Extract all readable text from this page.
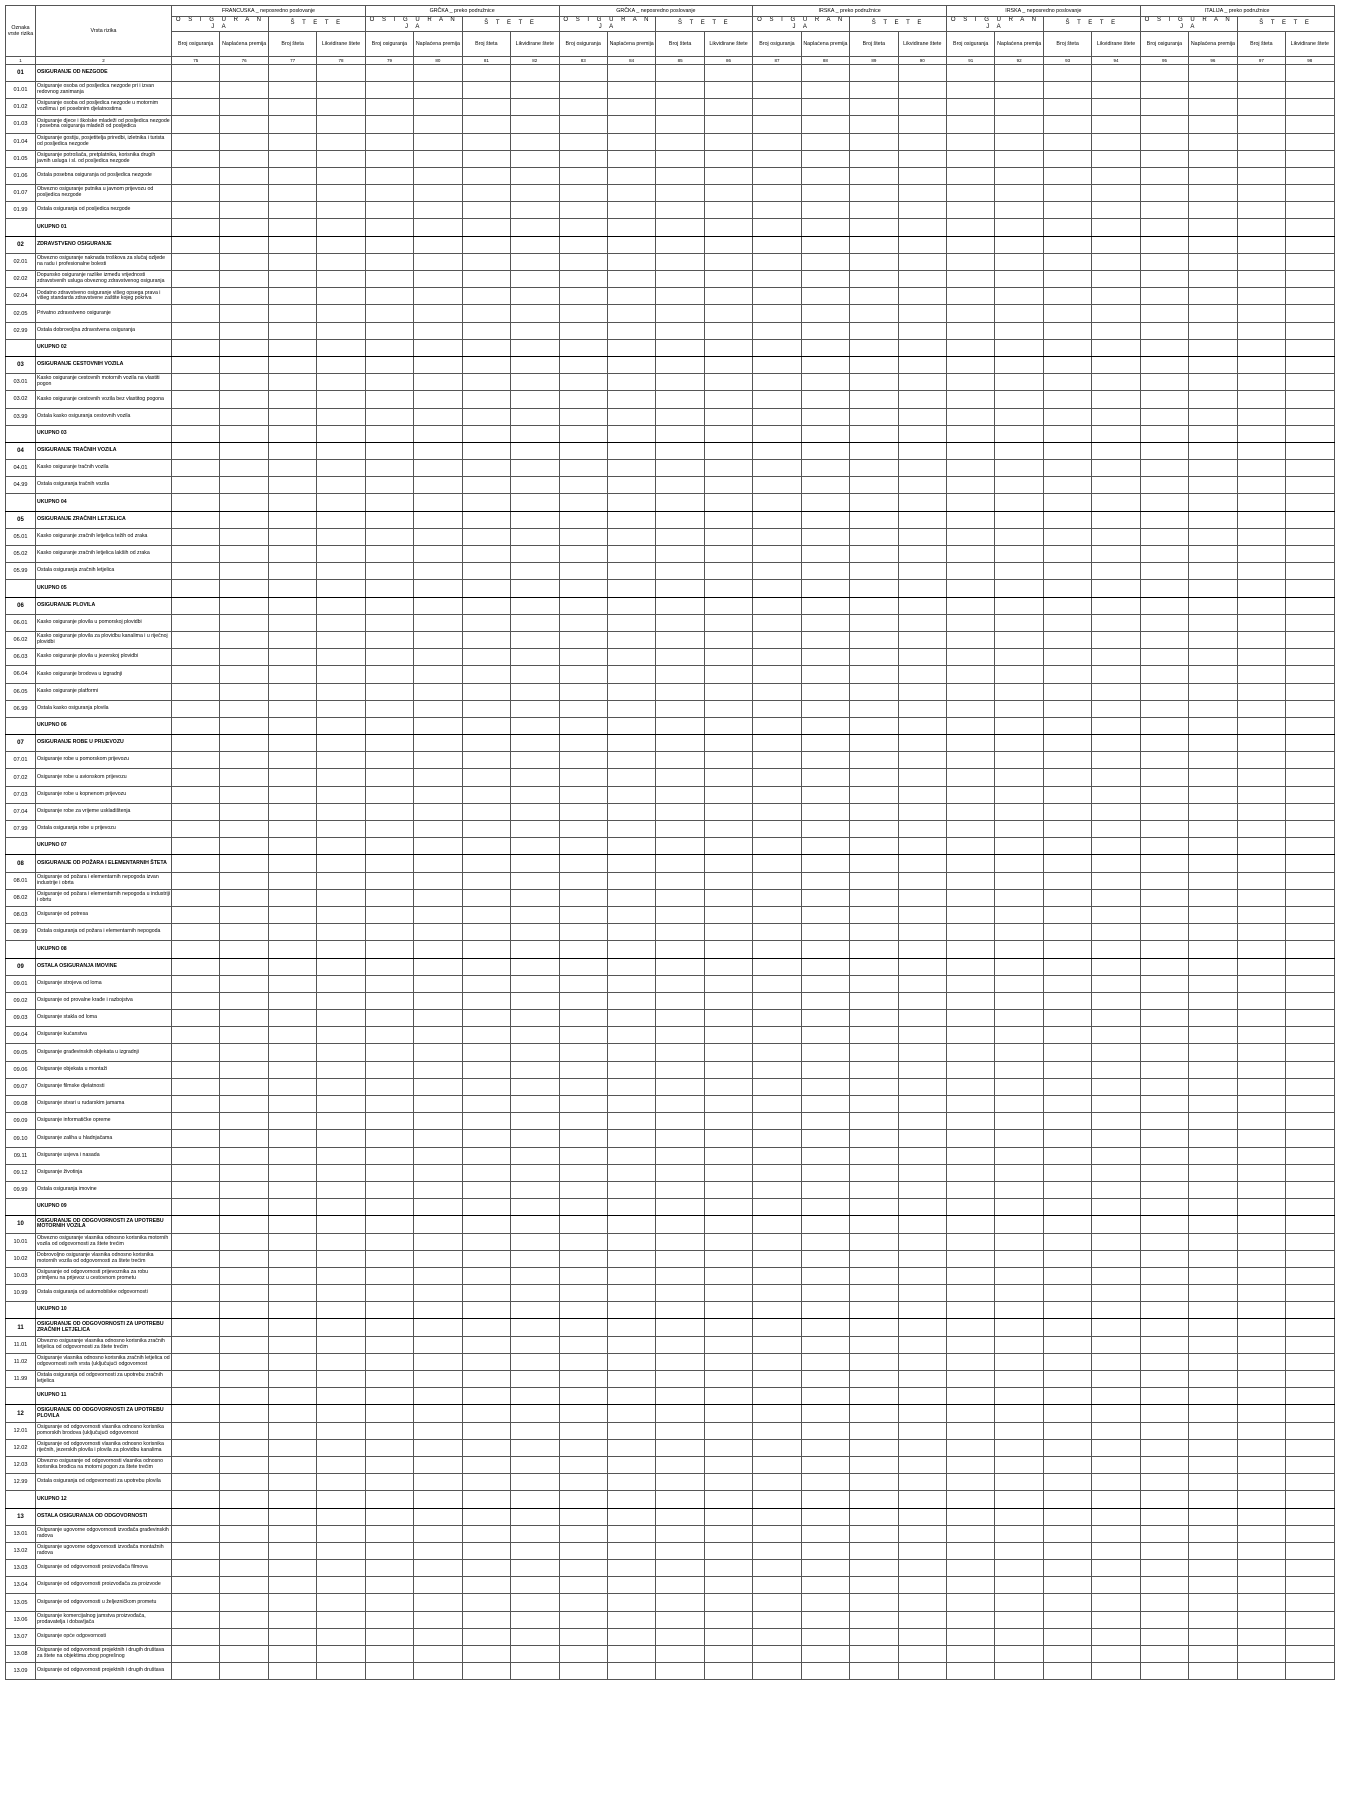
Oznaka vrste rizika	Vrsta rizika	FRANCUSKA _ neposredno poslovanje				GRČKA _ preko podružnice				GRČKA _ neposredno poslovanje				IRSKA _ preko podružnice				IRSKA _ neposredno poslovanje				ITALIJA _ preko podružnice			
		O S I G U R A N J A		Š T E T E		O S I G U R A N J A		Š T E T E		O S I G U R A N J A		Š T E T E		O S I G U R A N J A		Š T E T E		O S I G U R A N J A		Š T E T E		O S I G U R A N J A		Š T E T E	
		Broj osiguranja	Naplaćena premija	Broj šteta	Likvidirane štete	Broj osiguranja	Naplaćena premija	Broj šteta	Likvidirane štete	Broj osiguranja	Naplaćena premija	Broj šteta	Likvidirane štete	Broj osiguranja	Naplaćena premija	Broj šteta	Likvidirane štete	Broj osiguranja	Naplaćena premija	Broj šteta	Likvidirane štete	Broj osiguranja	Naplaćena premija	Broj šteta	Likvidirane štete
1	2	75	76	77	78	79	80	81	82	83	84	85	86	87	88	89	90	91	92	93	94	95	96	97	98
01	OSIGURANJE OD NEZGODE																								
01.01	Osiguranje osoba od posljedica nezgode pri i izvan redovnog zanimanja																								
01.02	Osiguranje osoba od posljedica nezgode u motornim vozilima i pri posebnim djelatnostima																								
01.03	Osiguranje djece i školske mladeži od posljedica nezgode i posebna osiguranja mladeži od posljedica																								
01.04	Osiguranje gostiju, posjetitelja priredbi, izletnika i turista od posljedica nezgode																								
01.05	Osiguranje potrošača, pretplatnika, korisnika drugih javnih usluga i sl. od posljedica nezgode																								
01.06	Ostala posebna osiguranja od posljedica nezgode																								
01.07	Obvezno osiguranje putnika u javnom prijevozu od posljedica nezgode																								
01.99	Ostala osiguranja od posljedica nezgode																								
	UKUPNO 01																								
02	ZDRAVSTVENO OSIGURANJE																								
02.01	Obvezno osiguranje naknada troškova za slučaj ozljede na radu i profesionalne bolesti																								
02.02	Dopunsko osiguranje razlike između vrijednosti zdravstvenih usluga obveznog zdravstvenog osiguranja																								
02.04	Dodatno zdravstveno osiguranje višeg opsega prava i višeg standarda zdravstvene zaštite kojeg pokriva																								
02.05	Privatno zdravstveno osiguranje																								
02.99	Ostala dobrovoljna zdravstvena osiguranja																								
	UKUPNO 02																								
03	OSIGURANJE CESTOVNIH VOZILA																								
03.01	Kasko osiguranje cestovnih motornih vozila na vlastiti pogon																								
03.02	Kasko osiguranje cestovnih vozila bez vlastitog pogona																								
03.99	Ostala kasko osiguranja cestovnih vozila																								
	UKUPNO 03																								
04	OSIGURANJE TRAČNIH VOZILA																								
04.01	Kasko osiguranje tračnih vozila																								
04.99	Ostala osiguranja tračnih vozila																								
	UKUPNO 04																								
05	OSIGURANJE ZRAČNIH LETJELICA																								
05.01	Kasko osiguranje zračnih letjelica težih od zraka																								
05.02	Kasko osiguranje zračnih letjelica lakših od zraka																								
05.99	Ostala osiguranja zračnih letjelica																								
	UKUPNO 05																								
06	OSIGURANJE PLOVILA																								
06.01	Kasko osiguranje plovila u pomorskoj plovidbi																								
06.02	Kasko osiguranje plovila za plovidbu kanalima i u riječnoj plovidbi																								
06.03	Kasko osiguranje plovila u jezerskoj plovidbi																								
06.04	Kasko osiguranje brodova u izgradnji																								
06.05	Kasko osiguranje platformi																								
06.99	Ostala kasko osiguranja plovila																								
	UKUPNO 06																								
07	OSIGURANJE ROBE U PRIJEVOZU																								
07.01	Osiguranje robe u pomorskom prijevozu																								
07.02	Osiguranje robe u avionskom prijevozu																								
07.03	Osiguranje robe u kopnenom prijevozu																								
07.04	Osiguranje robe za vrijeme uskladištenja																								
07.99	Ostala osiguranja robe u prijevozu																								
	UKUPNO 07																								
08	OSIGURANJE OD POŽARA I ELEMENTARNIH ŠTETA																								
08.01	Osiguranje od požara i elementarnih nepogoda izvan industrije i obrta																								
08.02	Osiguranje od požara i elementarnih nepogoda u industriji i obrtu																								
08.03	Osiguranje od potresa																								
08.99	Ostala osiguranja od požara i elementarnih nepogoda																								
	UKUPNO 08																								
09	OSTALA OSIGURANJA IMOVINE																								
09.01	Osiguranje strojeva od loma																								
09.02	Osiguranje od provalne krađe i razbojstva																								
09.03	Osiguranje stakla od loma																								
09.04	Osiguranje kućanstva																								
09.05	Osiguranje građevinskih objekata u izgradnji																								
09.06	Osiguranje objekata u montaži																								
09.07	Osiguranje filmske djelatnosti																								
09.08	Osiguranje stvari u rudarskim jamama																								
09.09	Osiguranje informatičke opreme																								
09.10	Osiguranje zaliha u hladnjačama																								
09.11	Osiguranje usjeva i nasada																								
09.12	Osiguranje životinja																								
09.99	Ostala osiguranja imovine																								
	UKUPNO 09																								
10	OSIGURANJE OD ODGOVORNOSTI ZA UPOTREBU MOTORNIH VOZILA																								
10.01	Obvezno osiguranje vlasnika odnosno korisnika motornih vozila od odgovornosti za štete trećim																								
10.02	Dobrovoljno osiguranje vlasnika odnosno korisnika motornih vozila od odgovornosti za štete trećim																								
10.03	Osiguranje od odgovornosti prijevoznika za robu primljenu na prijevoz u cestovnom prometu																								
10.99	Ostala osiguranja od automobilske odgovornosti																								
	UKUPNO 10																								
11	OSIGURANJE OD ODGOVORNOSTI ZA UPOTREBU ZRAČNIH LETJELICA																								
11.01	Obvezno osiguranje vlasnika odnosno korisnika zračnih letjelica od odgovornosti za štete trećim																								
11.02	Osiguranje vlasnika odnosno korisnika zračnih letjelica od odgovornosti svih vrsta (uključujući odgovornost																								
11.99	Ostala osiguranja od odgovornosti za upotrebu zračnih letjelica																								
	UKUPNO 11																								
12	OSIGURANJE OD ODGOVORNOSTI ZA UPOTREBU PLOVILA																								
12.01	Osiguranje od odgovornosti vlasnika odnosno korisnika pomorskih brodova (uključujući odgovornost																								
12.02	Osiguranje od odgovornosti vlasnika odnosno korisnika riječnih, jezerskih plovila i plovila za plovidbu kanalima																								
12.03	Obvezno osiguranje od odgovornosti vlasnika odnosno korisnika brodica na motorni pogon za štete trećim																								
12.99	Ostala osiguranja od odgovornosti za upotrebu plovila																								
	UKUPNO 12																								
13	OSTALA OSIGURANJA OD ODGOVORNOSTI																								
13.01	Osiguranje ugovorne odgovornosti izvođača građevinskih radova																								
13.02	Osiguranje ugovorne odgovornosti izvođača montažnih radova																								
13.03	Osiguranje od odgovornosti proizvođača filmova																								
13.04	Osiguranje od odgovornosti proizvođača za proizvode																								
13.05	Osiguranje od odgovornosti u željezničkom prometu																								
13.06	Osiguranje komercijalnog jamstva proizvođača, prodavatelja i dobavljača																								
13.07	Osiguranje opće odgovornosti																								
13.08	Osiguranje od odgovornosti projektnih i drugih društava za štete na objektima zbog pogrešnog																								
13.09	Osiguranje od odgovornosti projektnih i drugih društava																								
